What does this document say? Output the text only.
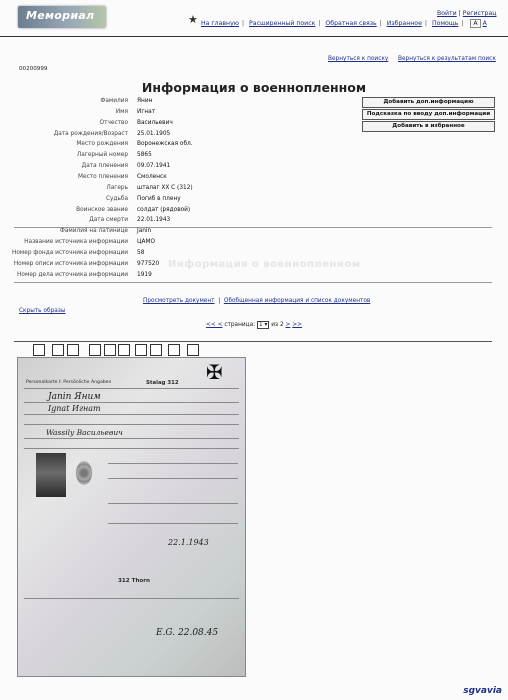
Мемориал	★ На главную | Расширенный поиск | Обратная связь | Избранное | Помощь | А А
Войти | Регистрац
Вернуться к поиску Вернуться к результатам поиск
00200999
Информация о военнопленном
Фамилия Янин
Имя Игнат
Отчество Васильевич
Дата рождения/Возраст 25.01.1905
Место рождения Воронежская обл.
Лагерный номер 5865
Дата пленения 09.07.1941
Место пленения Смоленск
Лагерь шталаг XX C (312)
Судьба Погиб в плену
Воинское звание солдат (рядовой)
Дата смерти 22.01.1943
Фамилия на латинице Janin
Название источника информации ЦАМО
Номер фонда источника информации 58
Номер описи источника информации 977520
Номер дела источника информации 1919
Добавить доп.информацию
Подсказка по вводу доп.информации
Добавить в избранное
Информация о военнопленном
Просмотреть документ  |  Обобщенная информация и список документов
Скрыть образы
<< < страница: 1 ▾ из 2 > >>
Personalkarte I: Persönliche Angaben	Stalag 312 ✠
Janin Яним
Ignat Игнат
Wassily Васильевич
22.1.1943
312 Thorn
E.G. 22.08.45
sgvavia
